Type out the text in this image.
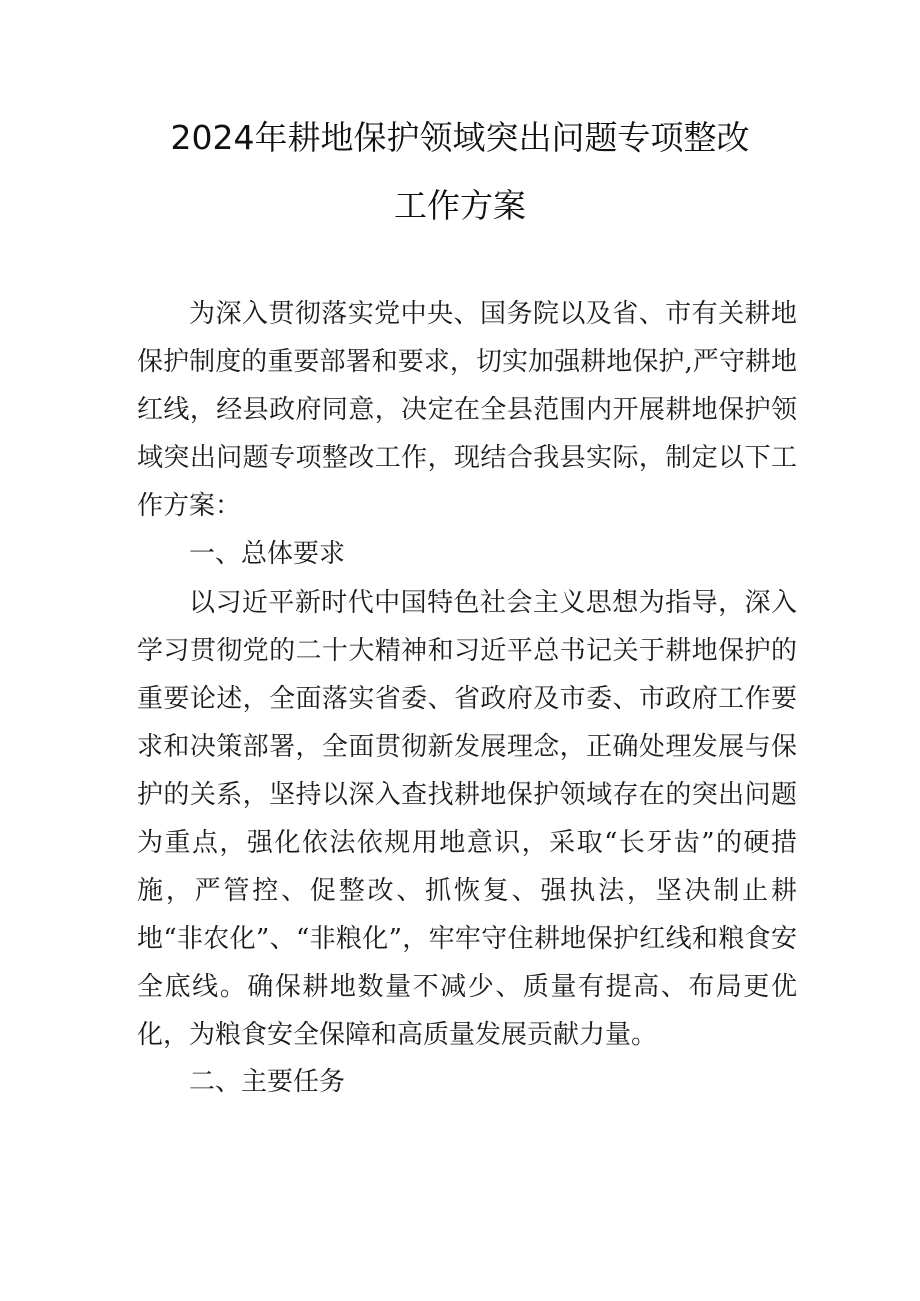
2024年耕地保护领域突出问题专项整改
工作方案

为深入贯彻落实党中央、国务院以及省、市有关耕地保护制度的重要部署和要求，切实加强耕地保护,严守耕地红线，经县政府同意，决定在全县范围内开展耕地保护领域突出问题专项整改工作，现结合我县实际，制定以下工作方案：

一、总体要求

以习近平新时代中国特色社会主义思想为指导，深入学习贯彻党的二十大精神和习近平总书记关于耕地保护的重要论述，全面落实省委、省政府及市委、市政府工作要求和决策部署，全面贯彻新发展理念，正确处理发展与保护的关系，坚持以深入查找耕地保护领域存在的突出问题为重点，强化依法依规用地意识，采取“长牙齿”的硬措施，严管控、促整改、抓恢复、强执法，坚决制止耕地“非农化”、“非粮化”，牢牢守住耕地保护红线和粮食安全底线。确保耕地数量不减少、质量有提高、布局更优化，为粮食安全保障和高质量发展贡献力量。

二、主要任务
